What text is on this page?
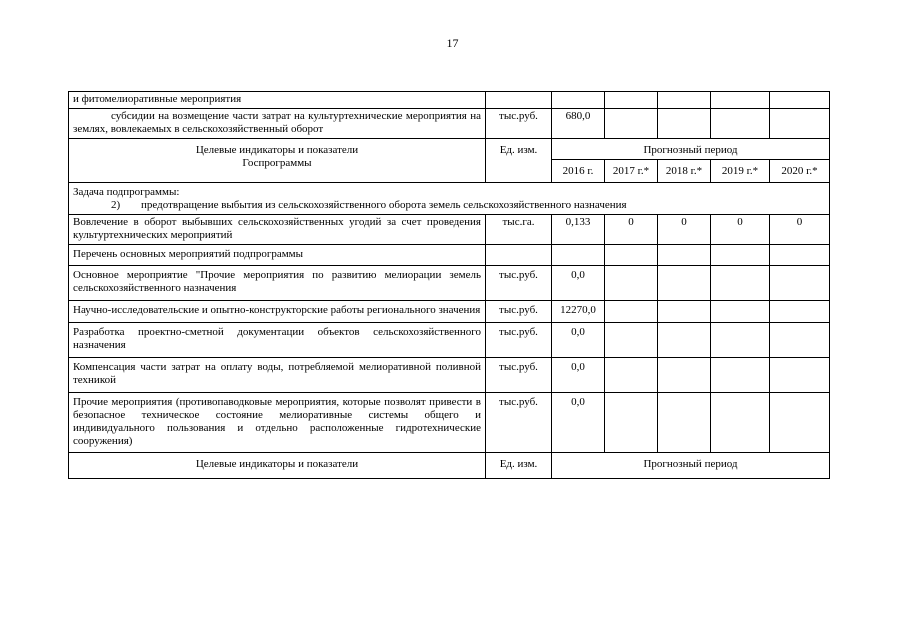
17
и фитомелиоративные мероприятия						
субсидии на возмещение части затрат на культуртехнические мероприятия на землях, вовлекаемых в сельскохозяйственный оборот	тыс.руб.	680,0				

Целевые индикаторы и показатели Госпрограммы	Ед. изм.	Прогнозный период				
		2016 г.	2017 г.*	2018 г.*	2019 г.*	2020 г.*

Задача подпрограммы:
2) предотвращение выбытия из сельскохозяйственного оборота земель сельскохозяйственного назначения						

Вовлечение в оборот выбывших сельскохозяйственных угодий за счет проведения культуртехнических мероприятий	тыс.га.	0,133	0	0	0	0
Перечень основных мероприятий подпрограммы						
Основное мероприятие "Прочие мероприятия по развитию мелиорации земель сельскохозяйственного назначения	тыс.руб.	0,0				
Научно-исследовательские и опытно-конструкторские работы регионального значения	тыс.руб.	12270,0				
Разработка проектно-сметной документации объектов сельскохозяйственного назначения	тыс.руб.	0,0				
Компенсация части затрат на оплату воды, потребляемой мелиоративной поливной техникой	тыс.руб.	0,0				
Прочие мероприятия (противопаводковые мероприятия, которые позволят привести в безопасное техническое состояние мелиоративные системы общего и индивидуального пользования и отдельно расположенные гидротехнические сооружения)	тыс.руб.	0,0				
Целевые индикаторы и показатели	Ед. изм.	Прогнозный период				
